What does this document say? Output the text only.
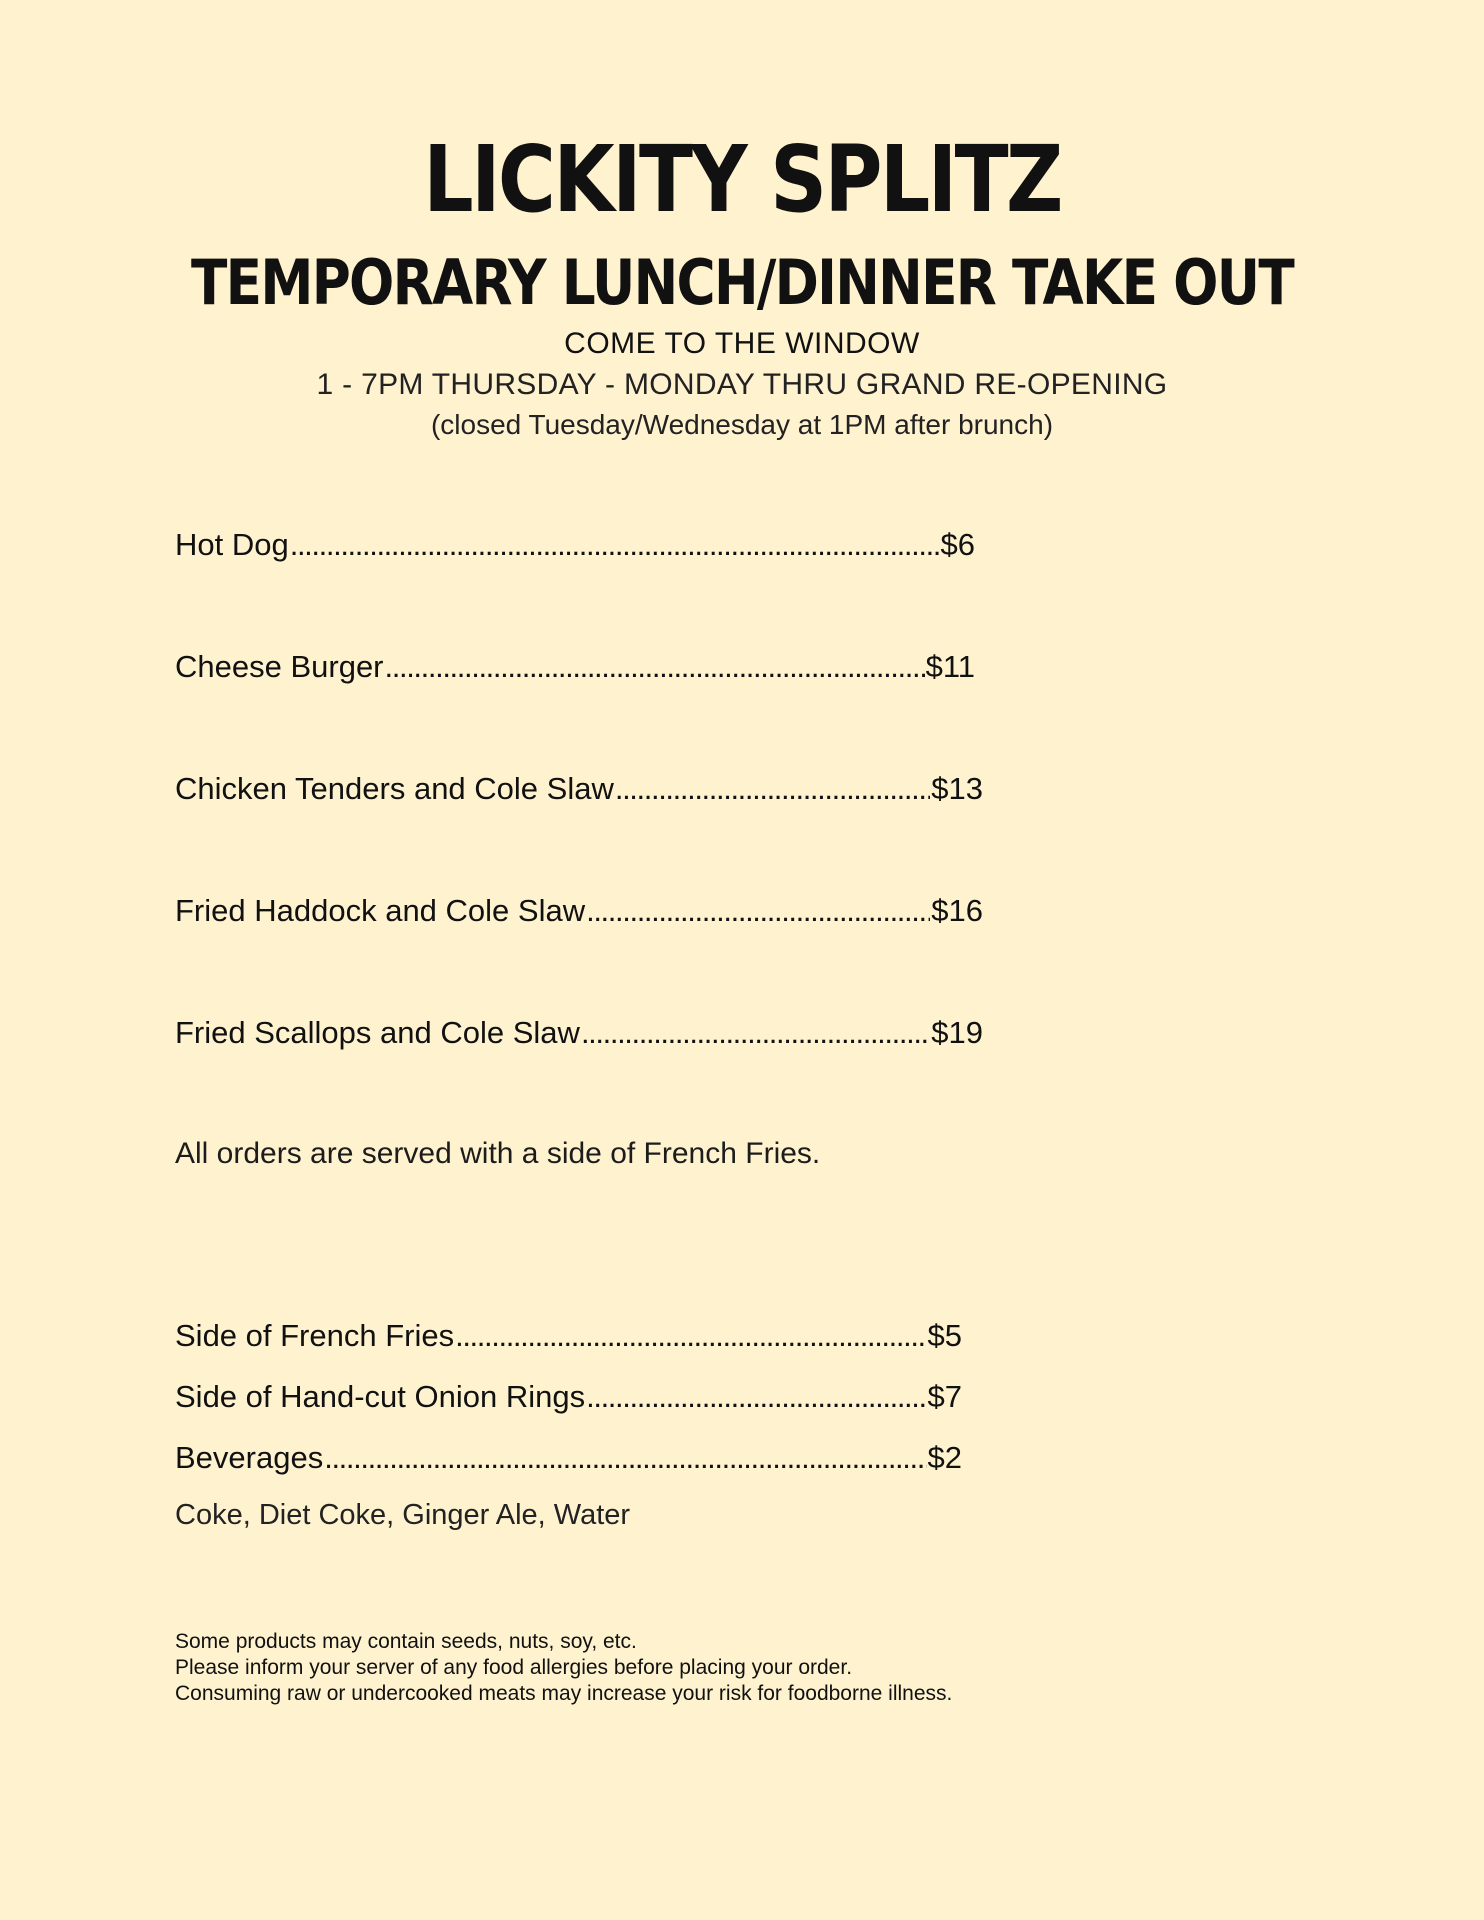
LICKITY SPLITZ
TEMPORARY LUNCH/DINNER TAKE OUT
COME TO THE WINDOW
1 - 7PM THURSDAY - MONDAY THRU GRAND RE-OPENING
(closed Tuesday/Wednesday at 1PM after brunch)
Hot Dog . . .	$6
Cheese Burger . . .	$11
Chicken Tenders and Cole Slaw . . .	$13
Fried Haddock and Cole Slaw . . .	$16
Fried Scallops and Cole Slaw . . .	$19
All orders are served with a side of French Fries.
Side of French Fries . . .	$5
Side of Hand-cut Onion Rings . . .	$7
Beverages . . .	$2
Coke, Diet Coke, Ginger Ale, Water
Some products may contain seeds, nuts, soy, etc.
Please inform your server of any food allergies before placing your order.
Consuming raw or undercooked meats may increase your risk for foodborne illness.
